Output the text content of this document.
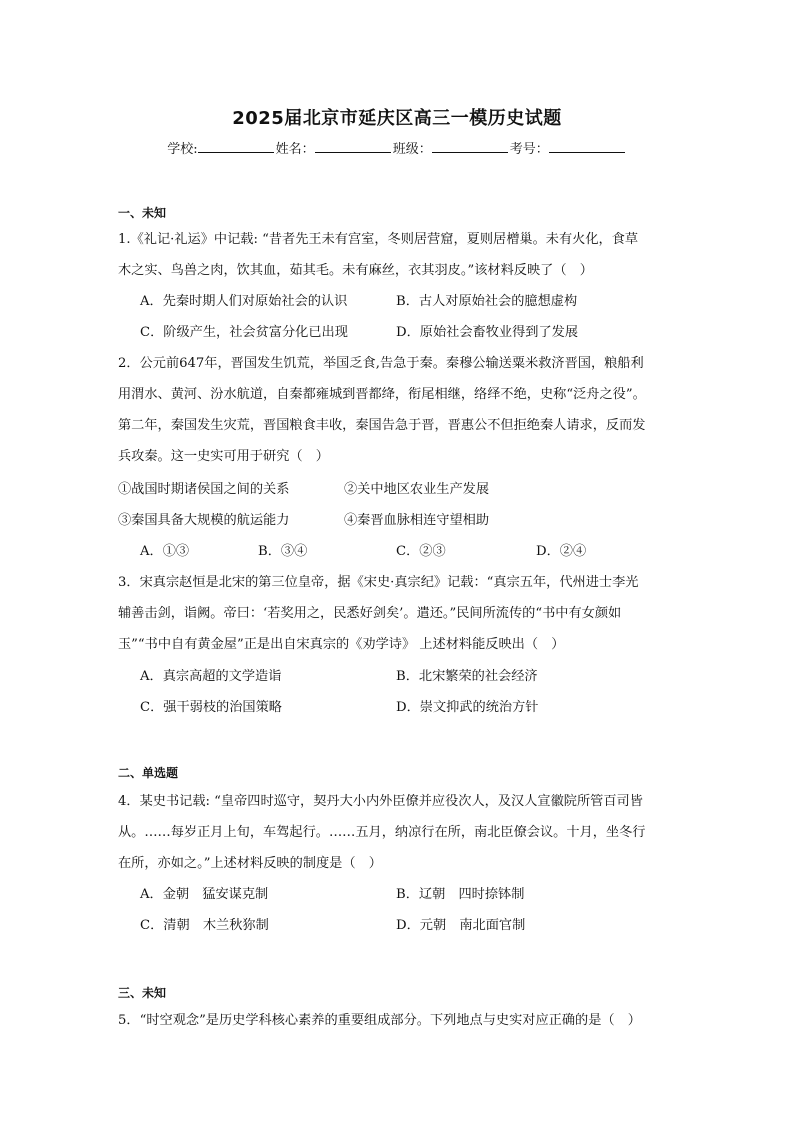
2025届北京市延庆区高三一模历史试题
学校:	姓名：	班级：	考号：
一、未知
1.《礼记·礼运》中记载: “昔者先王未有宫室，冬则居营窟，夏则居橧巢。未有火化，食草
木之实、鸟兽之肉，饮其血，茹其毛。未有麻丝，衣其羽皮。”该材料反映了（　）
A．先秦时期人们对原始社会的认识	B．古人对原始社会的臆想虚构
C．阶级产生，社会贫富分化已出现	D．原始社会畜牧业得到了发展
2．公元前647年，晋国发生饥荒，举国乏食,告急于秦。秦穆公输送粟米救济晋国，粮船利
用渭水、黄河、汾水航道，自秦都雍城到晋都绛，衔尾相继，络绎不绝，史称“泛舟之役”。
第二年，秦国发生灾荒，晋国粮食丰收，秦国告急于晋，晋惠公不但拒绝秦人请求，反而发
兵攻秦。这一史实可用于研究（　）
①战国时期诸侯国之间的关系	②关中地区农业生产发展
③秦国具备大规模的航运能力	④秦晋血脉相连守望相助
A．①③	B．③④	C．②③	D．②④
3．宋真宗赵恒是北宋的第三位皇帝，据《宋史·真宗纪》记载：“真宗五年，代州进士李光
辅善击剑，诣阙。帝曰：‘若奖用之，民悉好剑矣’。遣还。”民间所流传的“书中有女颜如
玉”“书中自有黄金屋”正是出自宋真宗的《劝学诗》 上述材料能反映出（　）
A．真宗高超的文学造诣	B．北宋繁荣的社会经济
C．强干弱枝的治国策略	D．崇文抑武的统治方针
二、单选题
4．某史书记载: “皇帝四时巡守，契丹大小内外臣僚并应役次人，及汉人宣徽院所管百司皆
从。……每岁正月上旬，车驾起行。……五月，纳凉行在所，南北臣僚会议。十月，坐冬行
在所，亦如之。”上述材料反映的制度是（　）
A．金朝　猛安谋克制	B．辽朝　四时捺钵制
C．清朝　木兰秋狝制	D．元朝　南北面官制
三、未知
5．“时空观念”是历史学科核心素养的重要组成部分。下列地点与史实对应正确的是（　）
